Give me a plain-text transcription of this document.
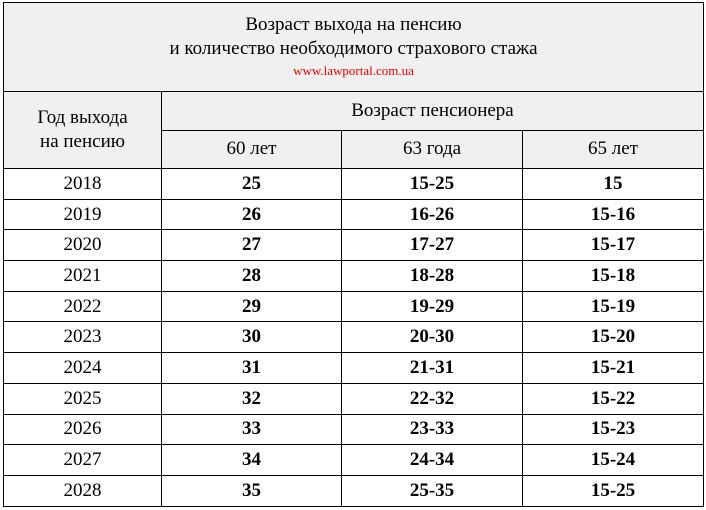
Возраст выхода на пенсию
и количество необходимого страхового стажа
www.lawportal.com.ua			

Год выхода
на пенсию	Возраст пенсионера		
	60 лет	63 года	65 лет
2018	25	15-25	15
2019	26	16-26	15-16
2020	27	17-27	15-17
2021	28	18-28	15-18
2022	29	19-29	15-19
2023	30	20-30	15-20
2024	31	21-31	15-21
2025	32	22-32	15-22
2026	33	23-33	15-23
2027	34	24-34	15-24
2028	35	25-35	15-25
